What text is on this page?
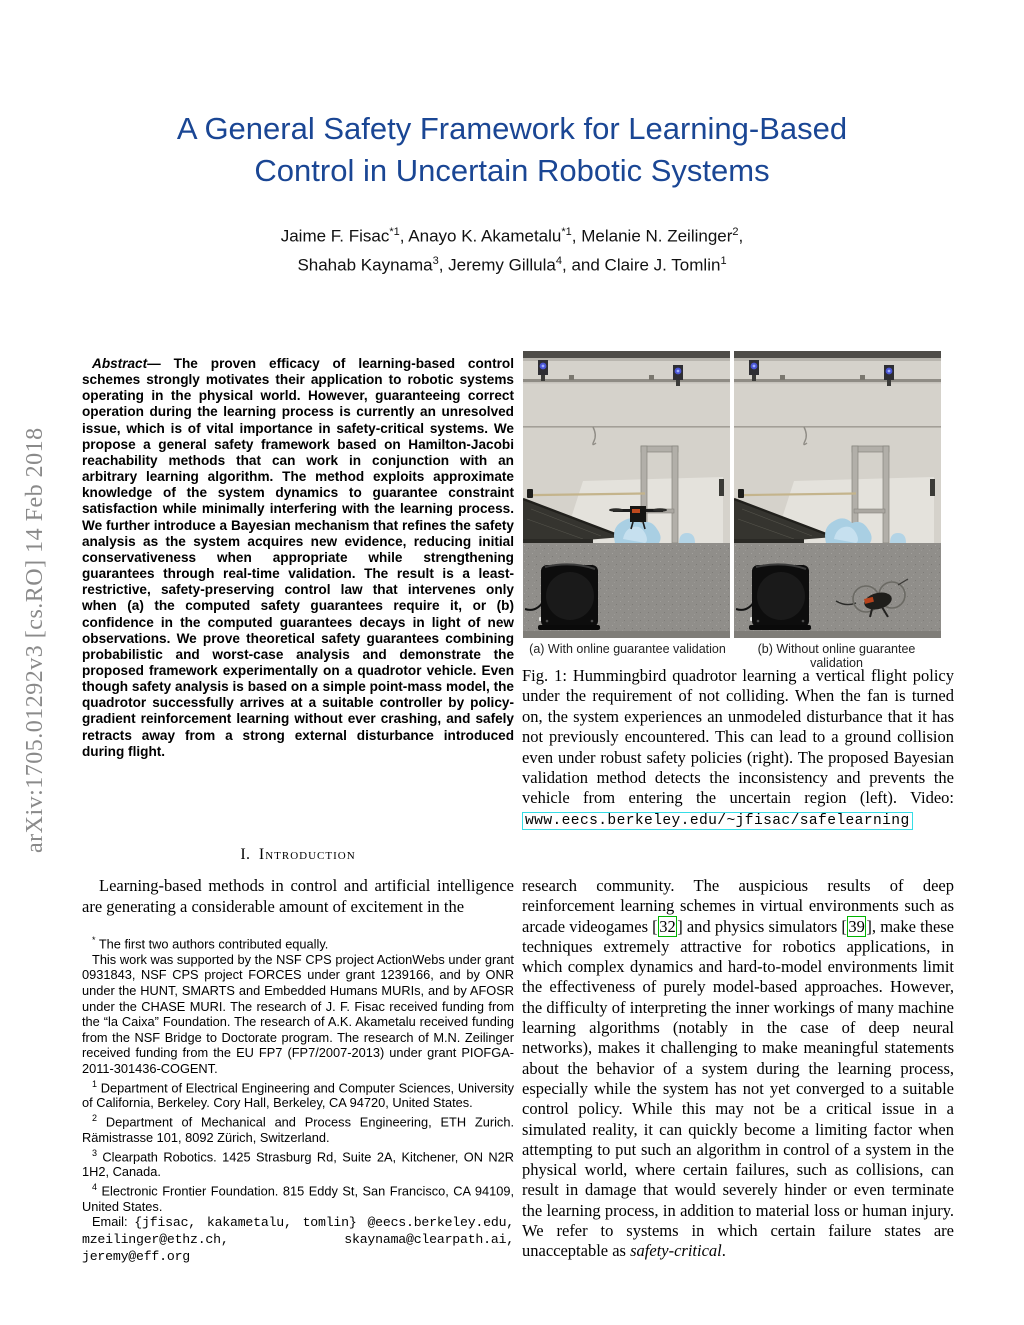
arXiv:1705.01292v3 [cs.RO] 14 Feb 2018
A General Safety Framework for Learning-Based
Control in Uncertain Robotic Systems
Jaime F. Fisac$^{*1}$, Anayo K. Akametalu$^{*1}$, Melanie N. Zeilinger$^2$,
Shahab Kaynama$^3$, Jeremy Gillula$^4$, and Claire J. Tomlin$^1$
Abstract— The proven efficacy of learning-based control schemes strongly motivates their application to robotic systems operating in the physical world. However, guaranteeing correct operation during the learning process is currently an unresolved issue, which is of vital importance in safety-critical systems. We propose a general safety framework based on Hamilton-Jacobi reachability methods that can work in conjunction with an arbitrary learning algorithm. The method exploits approximate knowledge of the system dynamics to guarantee constraint satisfaction while minimally interfering with the learning process. We further introduce a Bayesian mechanism that refines the safety analysis as the system acquires new evidence, reducing initial conservativeness when appropriate while strengthening guarantees through real-time validation. The result is a least-restrictive, safety-preserving control law that intervenes only when (a) the computed safety guarantees require it, or (b) confidence in the computed guarantees decays in light of new observations. We prove theoretical safety guarantees combining probabilistic and worst-case analysis and demonstrate the proposed framework experimentally on a quadrotor vehicle. Even though safety analysis is based on a simple point-mass model, the quadrotor successfully arrives at a suitable controller by policy-gradient reinforcement learning without ever crashing, and safely retracts away from a strong external disturbance introduced during flight.
I. Introduction
Learning-based methods in control and artificial intelligence are generating a considerable amount of excitement in the

* The first two authors contributed equally.

This work was supported by the NSF CPS project ActionWebs under grant 0931843, NSF CPS project FORCES under grant 1239166, and by ONR under the HUNT, SMARTS and Embedded Humans MURIs, and by AFOSR under the CHASE MURI. The research of J. F. Fisac received funding from the “la Caixa” Foundation. The research of A.K. Akametalu received funding from the NSF Bridge to Doctorate program. The research of M.N. Zeilinger received funding from the EU FP7 (FP7/2007-2013) under grant PIOFGA-2011-301436-COGENT.

$^1$ Department of Electrical Engineering and Computer Sciences, University of California, Berkeley. Cory Hall, Berkeley, CA 94720, United States.

$^2$ Department of Mechanical and Process Engineering, ETH Zurich. Rämistrasse 101, 8092 Zürich, Switzerland.

$^3$ Clearpath Robotics. 1425 Strasburg Rd, Suite 2A, Kitchener, ON N2R 1H2, Canada.

$^4$ Electronic Frontier Foundation. 815 Eddy St, San Francisco, CA 94109, United States.

Email: {jfisac, kakametalu, tomlin} @eecs.berkeley.edu, mzeilinger@ethz.ch, skaynama@clearpath.ai, jeremy@eff.org

(a) With online guarantee validation	(b) Without online guarantee validation
Fig. 1: Hummingbird quadrotor learning a vertical flight policy under the requirement of not colliding. When the fan is turned on, the system experiences an unmodeled disturbance that it has not previously encountered. This can lead to a ground collision even under robust safety policies (right). The proposed Bayesian validation method detects the inconsistency and prevents the vehicle from entering the uncertain region (left). Video: www.eecs.berkeley.edu/~jfisac/safelearning
research community. The auspicious results of deep reinforcement learning schemes in virtual environments such as arcade videogames [32] and physics simulators [39], make these techniques extremely attractive for robotics applications, in which complex dynamics and hard-to-model environments limit the effectiveness of purely model-based approaches. However, the difficulty of interpreting the inner workings of many machine learning algorithms (notably in the case of deep neural networks), makes it challenging to make meaningful statements about the behavior of a system during the learning process, especially while the system has not yet converged to a suitable control policy. While this may not be a critical issue in a simulated reality, it can quickly become a limiting factor when attempting to put such an algorithm in control of a system in the physical world, where certain failures, such as collisions, can result in damage that would severely hinder or even terminate the learning process, in addition to material loss or human injury. We refer to systems in which certain failure states are unacceptable as safety-critical.
